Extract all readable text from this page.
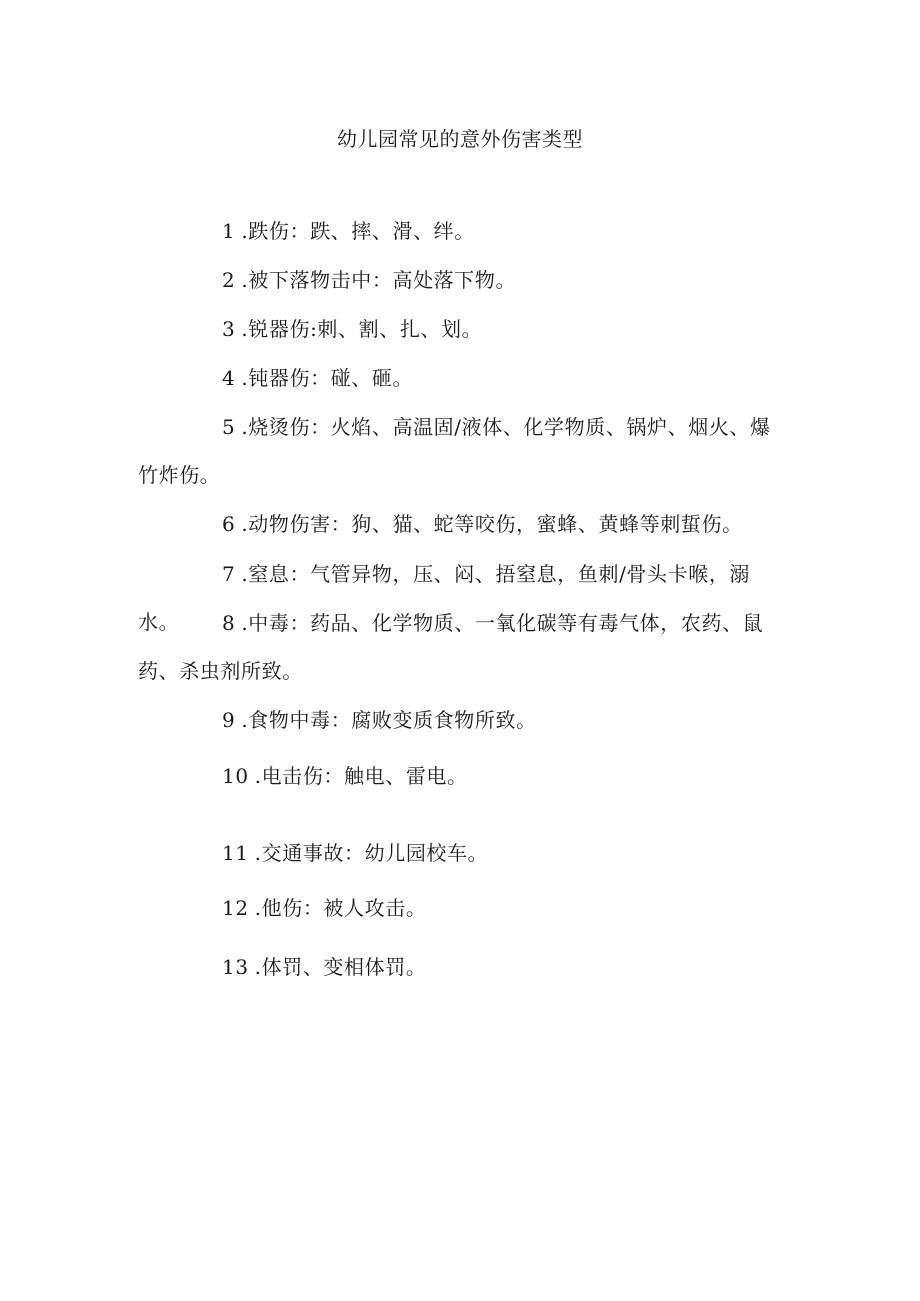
幼儿园常见的意外伤害类型
1 .跌伤：跌、摔、滑、绊。
2 .被下落物击中：高处落下物。
3 .锐器伤:刺、割、扎、划。
4 .钝器伤：碰、砸。
5 .烧烫伤：火焰、高温固/液体、化学物质、锅炉、烟火、爆竹炸伤。
6 .动物伤害：狗、猫、蛇等咬伤，蜜蜂、黄蜂等刺蜇伤。
7 .窒息：气管异物，压、闷、捂窒息，鱼刺/骨头卡喉，溺水。	8 .中毒：药品、化学物质、一氧化碳等有毒气体，农药、鼠药、杀虫剂所致。
9 .食物中毒：腐败变质食物所致。
10 .电击伤：触电、雷电。
11 .交通事故：幼儿园校车。
12 .他伤：被人攻击。
13 .体罚、变相体罚。
